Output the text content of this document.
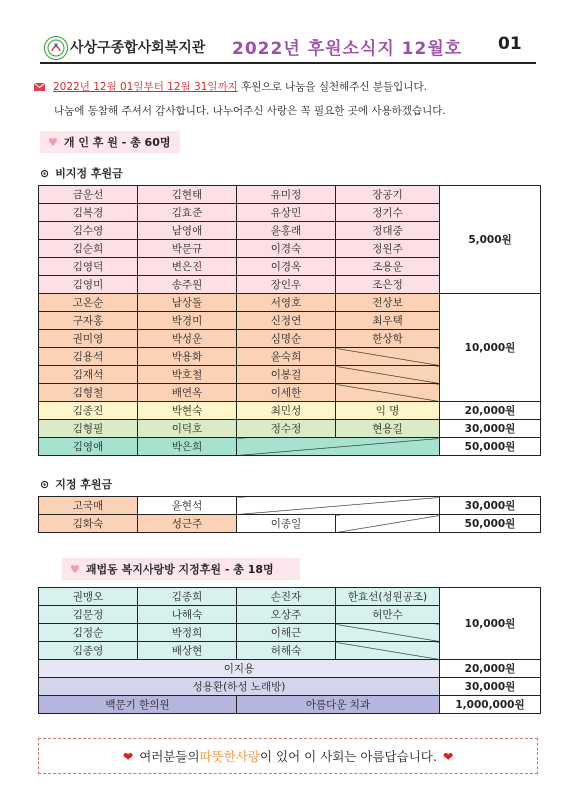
사상구종합사회복지관 2022년 후원소식지 12월호 01
2022년 12월 01일부터 12월 31일까지 후원으로 나눔을 실천해주신 분들입니다.
나눔에 동참해 주셔서 감사합니다. 나누어주신 사랑은 꼭 필요한 곳에 사용하겠습니다.
♥ 개 인 후 원 - 총 60명
⊙ 비지정 후원금
금운선	김현태	유미정	장공기	5,000원
김복경	김효준	유상민	정기수	
김수영	남영애	윤홍래	정대중	
김순희	박문규	이경숙	정원주	
김영덕	변은진	이경옥	조용운	
김영미	송주원	장인우	조은정	
고온순	남상돌	서영호	전상보	10,000원
구자홍	박경미	신정연	최우택	
권미영	박성운	심명순	한상학	
김용석	박용화	윤숙희		
김재석	박호철	이봉걸		
김형철	배연옥	이세한		
김종진	박현숙	최민성	익 명	20,000원
김형필	이덕호	정수정	현용길	30,000원
김영애	박은희			50,000원
⊙ 지정 후원금
고국매	윤현석			30,000원
김화숙	성근주	이종일		50,000원
♥ 괘법동 복지사랑방 지정후원 - 총 18명
권맹오	김종희	손진자	한효선(성원공조)	10,000원
김문정	나해숙	오상주	허만수	
김정순	박정희	이해근		
김종영	배상현	허해숙		
이지용				20,000원
성용환(하성 노래방)				30,000원
백문기 한의원		아름다운 치과		1,000,000원
❤ 여러분들의 따뜻한 사랑 이 있어 이 사회는 아름답습니다. ❤
